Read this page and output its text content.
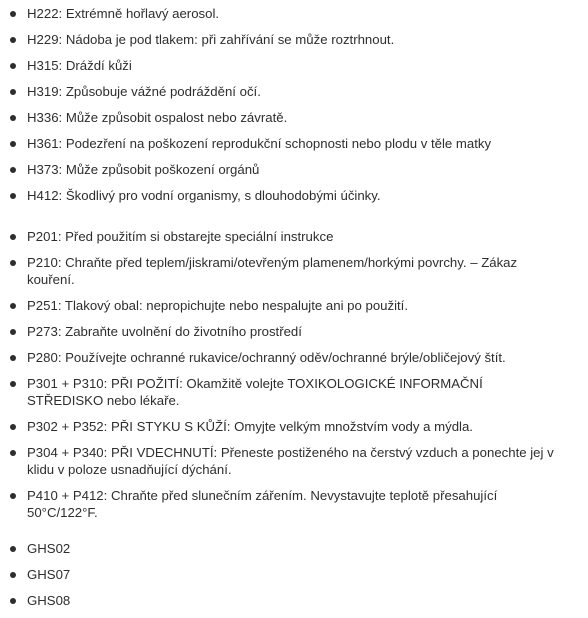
H222: Extrémně hořlavý aerosol.
H229: Nádoba je pod tlakem: při zahřívání se může roztrhnout.
H315: Dráždí kůži
H319: Způsobuje vážné podráždění očí.
H336: Může způsobit ospalost nebo závratě.
H361: Podezření na poškození reprodukční schopnosti nebo plodu v těle matky
H373: Může způsobit poškození orgánů
H412: Škodlivý pro vodní organismy, s dlouhodobými účinky.
P201: Před použitím si obstarejte speciální instrukce
P210: Chraňte před teplem/jiskrami/otevřeným plamenem/horkými povrchy. – Zákaz kouření.
P251: Tlakový obal: nepropichujte nebo nespalujte ani po použití.
P273: Zabraňte uvolnění do životního prostředí
P280: Používejte ochranné rukavice/ochranný oděv/ochranné brýle/obličejový štít.
P301 + P310: PŘI POŽITÍ: Okamžitě volejte TOXIKOLOGICKÉ INFORMAČNÍ STŘEDISKO nebo lékaře.
P302 + P352: PŘI STYKU S KŮŽÍ: Omyjte velkým množstvím vody a mýdla.
P304 + P340: PŘI VDECHNUTÍ: Přeneste postiženého na čerstvý vzduch a ponechte jej v klidu v poloze usnadňující dýchání.
P410 + P412: Chraňte před slunečním zářením. Nevystavujte teplotě přesahující 50°C/122°F.
GHS02
GHS07
GHS08
